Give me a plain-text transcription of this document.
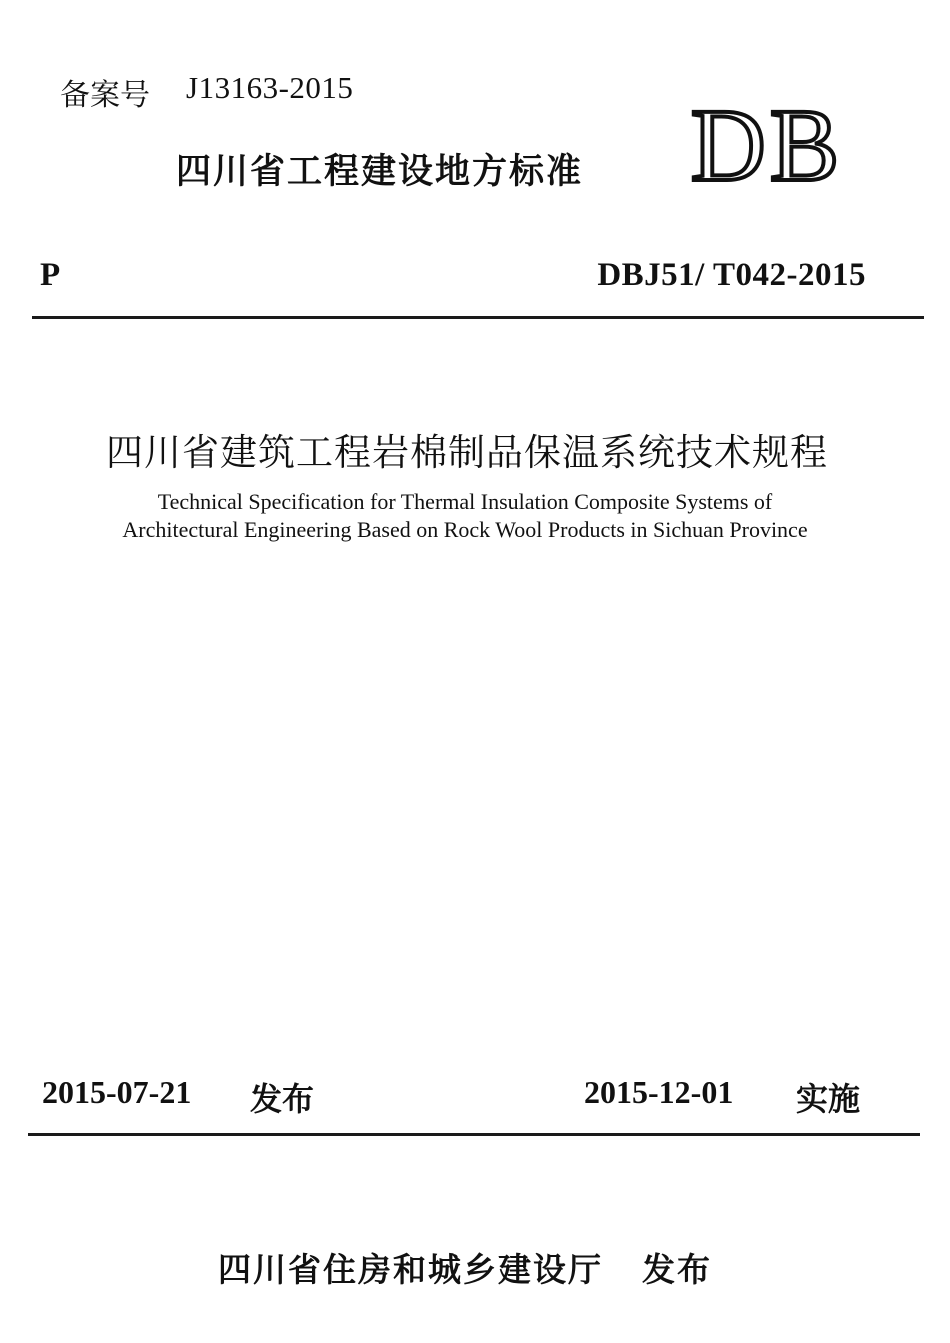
备案号 J13163-2015
四川省工程建设地方标准 DB
P	DBJ51/ T042-2015
四川省建筑工程岩棉制品保温系统技术规程
Technical Specification for Thermal Insulation Composite Systems of
Architectural Engineering Based on Rock Wool Products in Sichuan Province
2015-07-21 发布	2015-12-01 实施
四川省住房和城乡建设厅 发布
